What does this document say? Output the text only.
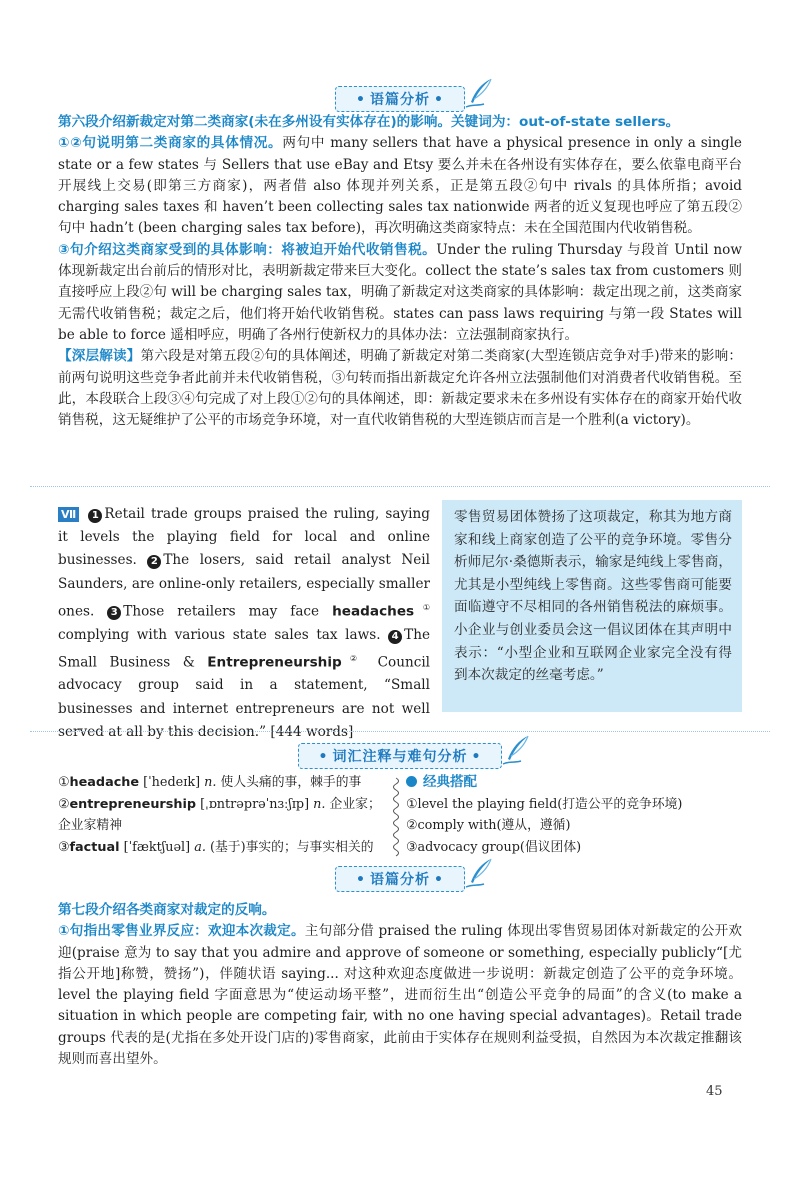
• 语篇分析 •
第六段介绍新裁定对第二类商家(未在多州设有实体存在)的影响。关键词为：out-of-state sellers。
①②句说明第二类商家的具体情况。两句中 many sellers that have a physical presence in only a single state or a few states 与 Sellers that use eBay and Etsy 要么并未在各州设有实体存在，要么依靠电商平台开展线上交易(即第三方商家)，两者借 also 体现并列关系，正是第五段②句中 rivals 的具体所指；avoid charging sales taxes 和 haven’t been collecting sales tax nationwide 两者的近义复现也呼应了第五段②句中 hadn’t (been charging sales tax before)，再次明确这类商家特点：未在全国范围内代收销售税。
③句介绍这类商家受到的具体影响：将被迫开始代收销售税。Under the ruling Thursday 与段首 Until now 体现新裁定出台前后的情形对比，表明新裁定带来巨大变化。collect the state’s sales tax from customers 则直接呼应上段②句 will be charging sales tax，明确了新裁定对这类商家的具体影响：裁定出现之前，这类商家无需代收销售税；裁定之后，他们将开始代收销售税。states can pass laws requiring 与第一段 States will be able to force 遥相呼应，明确了各州行使新权力的具体办法：立法强制商家执行。
【深层解读】第六段是对第五段②句的具体阐述，明确了新裁定对第二类商家(大型连锁店竞争对手)带来的影响：前两句说明这些竞争者此前并未代收销售税，③句转而指出新裁定允许各州立法强制他们对消费者代收销售税。至此，本段联合上段③④句完成了对上段①②句的具体阐述，即：新裁定要求未在多州设有实体存在的商家开始代收销售税，这无疑维护了公平的市场竞争环境，对一直代收销售税的大型连锁店而言是一个胜利(a victory)。
Ⅶ 1 Retail trade groups praised the ruling, saying it levels the playing field for local and online businesses. 2 The losers, said retail analyst Neil Saunders, are online-only retailers, especially smaller ones. 3 Those retailers may face headaches① complying with various state sales tax laws. 4 The Small Business & Entrepreneurship② Council advocacy group said in a statement, “Small businesses and internet entrepreneurs are not well served at all by this decision.” [444 words]
零售贸易团体赞扬了这项裁定，称其为地方商家和线上商家创造了公平的竞争环境。零售分析师尼尔·桑德斯表示，输家是纯线上零售商，尤其是小型纯线上零售商。这些零售商可能要面临遵守不尽相同的各州销售税法的麻烦事。小企业与创业委员会这一倡议团体在其声明中表示：“小型企业和互联网企业家完全没有得到本次裁定的丝毫考虑。”
• 词汇注释与难句分析 •
①headache [ˈhedeɪk] n. 使人头痛的事，棘手的事
②entrepreneurship [ˌɒntrəprəˈnɜːʃɪp] n. 企业家；企业家精神
③factual [ˈfæktʃuəl] a. (基于)事实的；与事实相关的
经典搭配
①level the playing field(打造公平的竞争环境)
②comply with(遵从，遵循)
③advocacy group(倡议团体)
• 语篇分析 •
第七段介绍各类商家对裁定的反响。
①句指出零售业界反应：欢迎本次裁定。主句部分借 praised the ruling 体现出零售贸易团体对新裁定的公开欢迎(praise 意为 to say that you admire and approve of someone or something, especially publicly“[尤指公开地]称赞，赞扬”)，伴随状语 saying... 对这种欢迎态度做进一步说明：新裁定创造了公平的竞争环境。level the playing field 字面意思为“使运动场平整”，进而衍生出“创造公平竞争的局面”的含义(to make a situation in which people are competing fair, with no one having special advantages)。Retail trade groups 代表的是(尤指在多处开设门店的)零售商家，此前由于实体存在规则利益受损，自然因为本次裁定推翻该规则而喜出望外。
45
